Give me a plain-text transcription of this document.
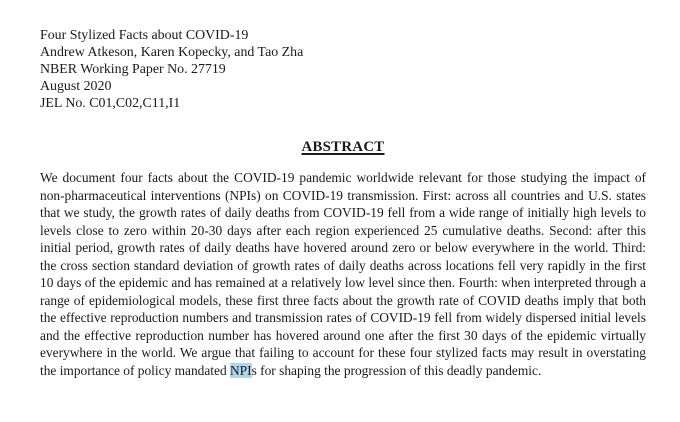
Four Stylized Facts about COVID-19
Andrew Atkeson, Karen Kopecky, and Tao Zha
NBER Working Paper No. 27719
August 2020
JEL No. C01,C02,C11,I1
ABSTRACT
We document four facts about the COVID-19 pandemic worldwide relevant for those studying the impact of non-pharmaceutical interventions (NPIs) on COVID-19 transmission. First: across all countries and U.S. states that we study, the growth rates of daily deaths from COVID-19 fell from a wide range of initially high levels to levels close to zero within 20-30 days after each region experienced 25 cumulative deaths. Second: after this initial period, growth rates of daily deaths have hovered around zero or below everywhere in the world. Third: the cross section standard deviation of growth rates of daily deaths across locations fell very rapidly in the first 10 days of the epidemic and has remained at a relatively low level since then. Fourth: when interpreted through a range of epidemiological models, these first three facts about the growth rate of COVID deaths imply that both the effective reproduction numbers and transmission rates of COVID-19 fell from widely dispersed initial levels and the effective reproduction number has hovered around one after the first 30 days of the epidemic virtually everywhere in the world. We argue that failing to account for these four stylized facts may result in overstating the importance of policy mandated NPIs for shaping the progression of this deadly pandemic.
